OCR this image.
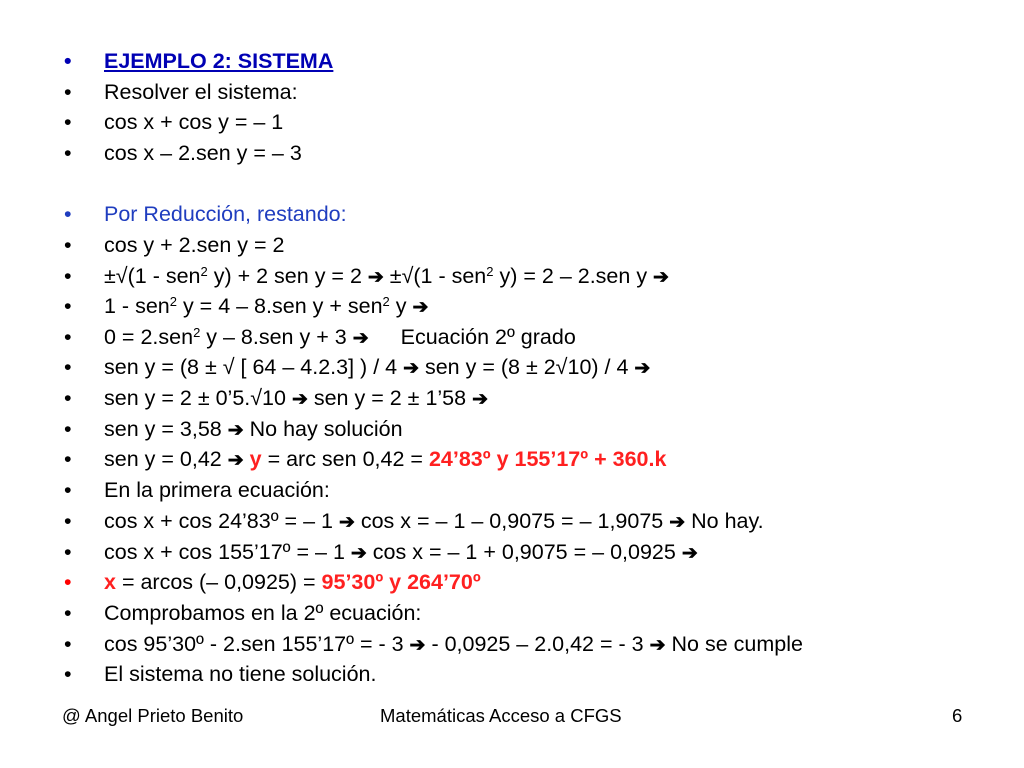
•	EJEMPLO 2: SISTEMA
•	Resolver el sistema:
•	cos x + cos y = – 1
•	cos x – 2.sen y = – 3
•	Por Reducción, restando:
•	cos y + 2.sen y = 2
•	±√(1 - sen$^2$ y) + 2 sen y = 2 ➔ ±√(1 - sen$^2$ y) = 2 – 2.sen y ➔
•	1 - sen$^2$ y = 4 – 8.sen y + sen$^2$ y ➔
•	0 = 2.sen$^2$ y – 8.sen y + 3 ➔ Ecuación 2º grado
•	sen y = (8 ± √ [ 64 – 4.2.3] ) / 4 ➔ sen y = (8 ± 2√10) / 4 ➔
•	sen y = 2 ± 0’5.√10 ➔ sen y = 2 ± 1’58 ➔
•	sen y = 3,58 ➔ No hay solución
•	sen y = 0,42 ➔ y = arc sen 0,42 = 24’83º y 155’17º + 360.k
•	En la primera ecuación:
•	cos x + cos 24’83º = – 1 ➔ cos x = – 1 – 0,9075 = – 1,9075 ➔ No hay.
•	cos x + cos 155’17º = – 1 ➔ cos x = – 1 + 0,9075 = – 0,0925 ➔
•	x = arcos (– 0,0925) = 95’30º y 264’70º
•	Comprobamos en la 2º ecuación:
•	cos 95’30º - 2.sen 155’17º = - 3 ➔ - 0,0925 – 2.0,42 = - 3 ➔ No se cumple
•	El sistema no tiene solución.
@ Angel Prieto Benito	Matemáticas Acceso a CFGS	6
